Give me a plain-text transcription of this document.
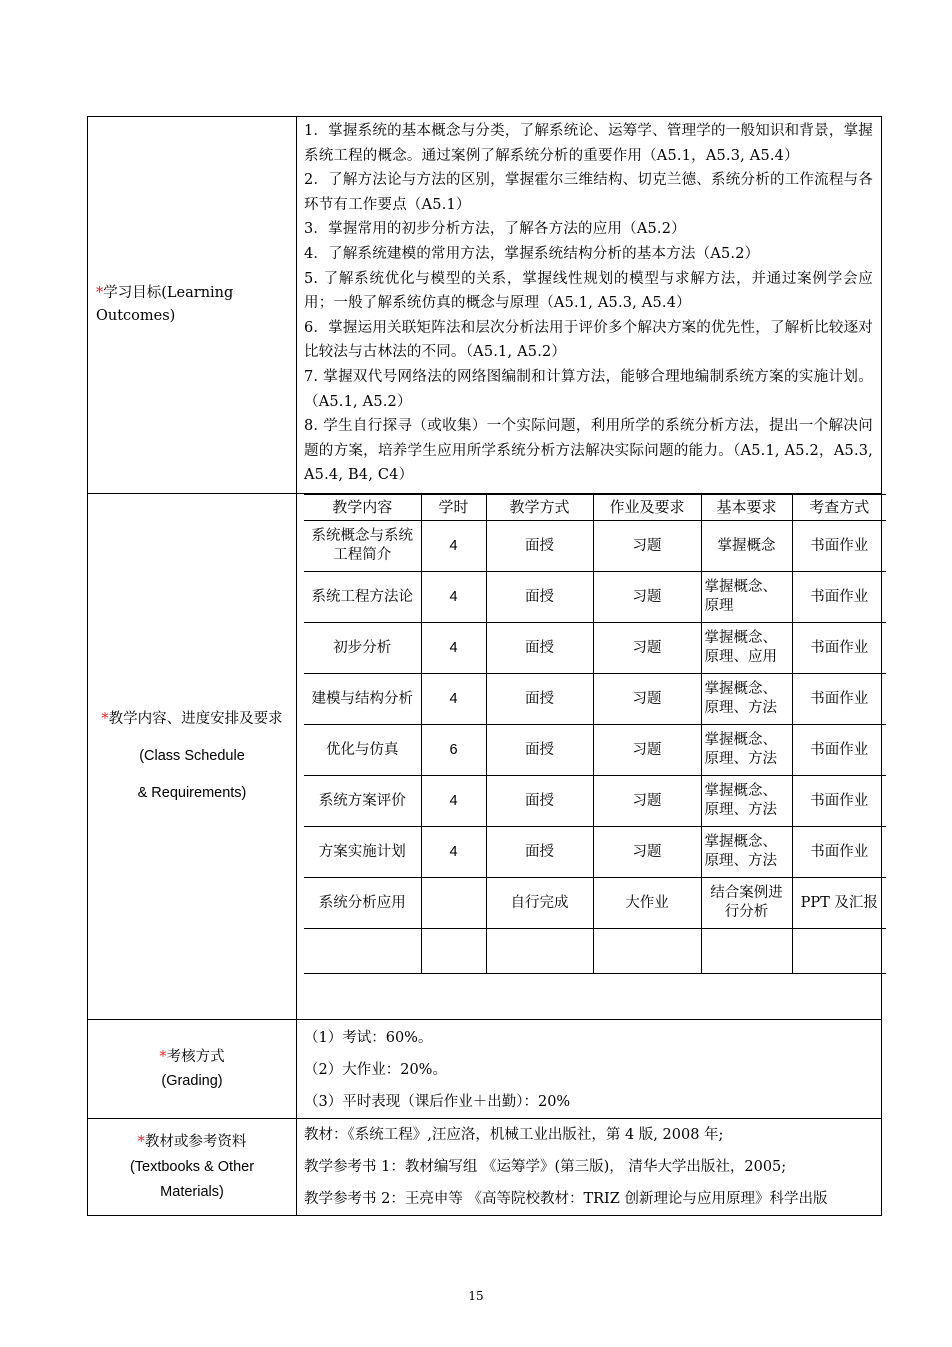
*学习目标(Learning Outcomes)	

1．掌握系统的基本概念与分类，了解系统论、运筹学、管理学的一般知识和背景，掌握系统工程的概念。通过案例了解系统分析的重要作用（A5.1，A5.3, A5.4）

2．了解方法论与方法的区别，掌握霍尔三维结构、切克兰德、系统分析的工作流程与各环节有工作要点（A5.1）

3．掌握常用的初步分析方法，了解各方法的应用（A5.2）

4．了解系统建模的常用方法，掌握系统结构分析的基本方法（A5.2）

5. 了解系统优化与模型的关系，掌握线性规划的模型与求解方法，并通过案例学会应用；一般了解系统仿真的概念与原理（A5.1, A5.3, A5.4）

6．掌握运用关联矩阵法和层次分析法用于评价多个解决方案的优先性，了解析比较逐对比较法与古林法的不同。（A5.1, A5.2）

7. 掌握双代号网络法的网络图编制和计算方法，能够合理地编制系统方案的实施计划。（A5.1, A5.2）

8. 学生自行探寻（或收集）一个实际问题，利用所学的系统分析方法，提出一个解决问题的方案，培养学生应用所学系统分析方法解决实际问题的能力。（A5.1, A5.2，A5.3, A5.4, B4, C4）

*教学内容、进度安排及要求
(Class Schedule
& Requirements)

教学内容	学时	教学方式	作业及要求	基本要求	考查方式
系统概念与系统工程简介	4	面授	习题	掌握概念	书面作业
系统工程方法论	4	面授	习题	掌握概念、原理	书面作业
初步分析	4	面授	习题	掌握概念、原理、应用	书面作业
建模与结构分析	4	面授	习题	掌握概念、原理、方法	书面作业
优化与仿真	6	面授	习题	掌握概念、原理、方法	书面作业
系统方案评价	4	面授	习题	掌握概念、原理、方法	书面作业
方案实施计划	4	面授	习题	掌握概念、原理、方法	书面作业
系统分析应用		自行完成	大作业	结合案例进行分析	PPT 及汇报

*考核方式
(Grading)

（1）考试：60%。
（2）大作业：20%。
（3）平时表现（课后作业＋出勤）：20%

*教材或参考资料
(Textbooks & Other
Materials)

教材：《系统工程》,汪应洛，机械工业出版社，第 4 版, 2008 年;
教学参考书 1：教材编写组 《运筹学》(第三版)， 清华大学出版社，2005;
教学参考书 2：王亮申等 《高等院校教材：TRIZ 创新理论与应用原理》科学出版
15
